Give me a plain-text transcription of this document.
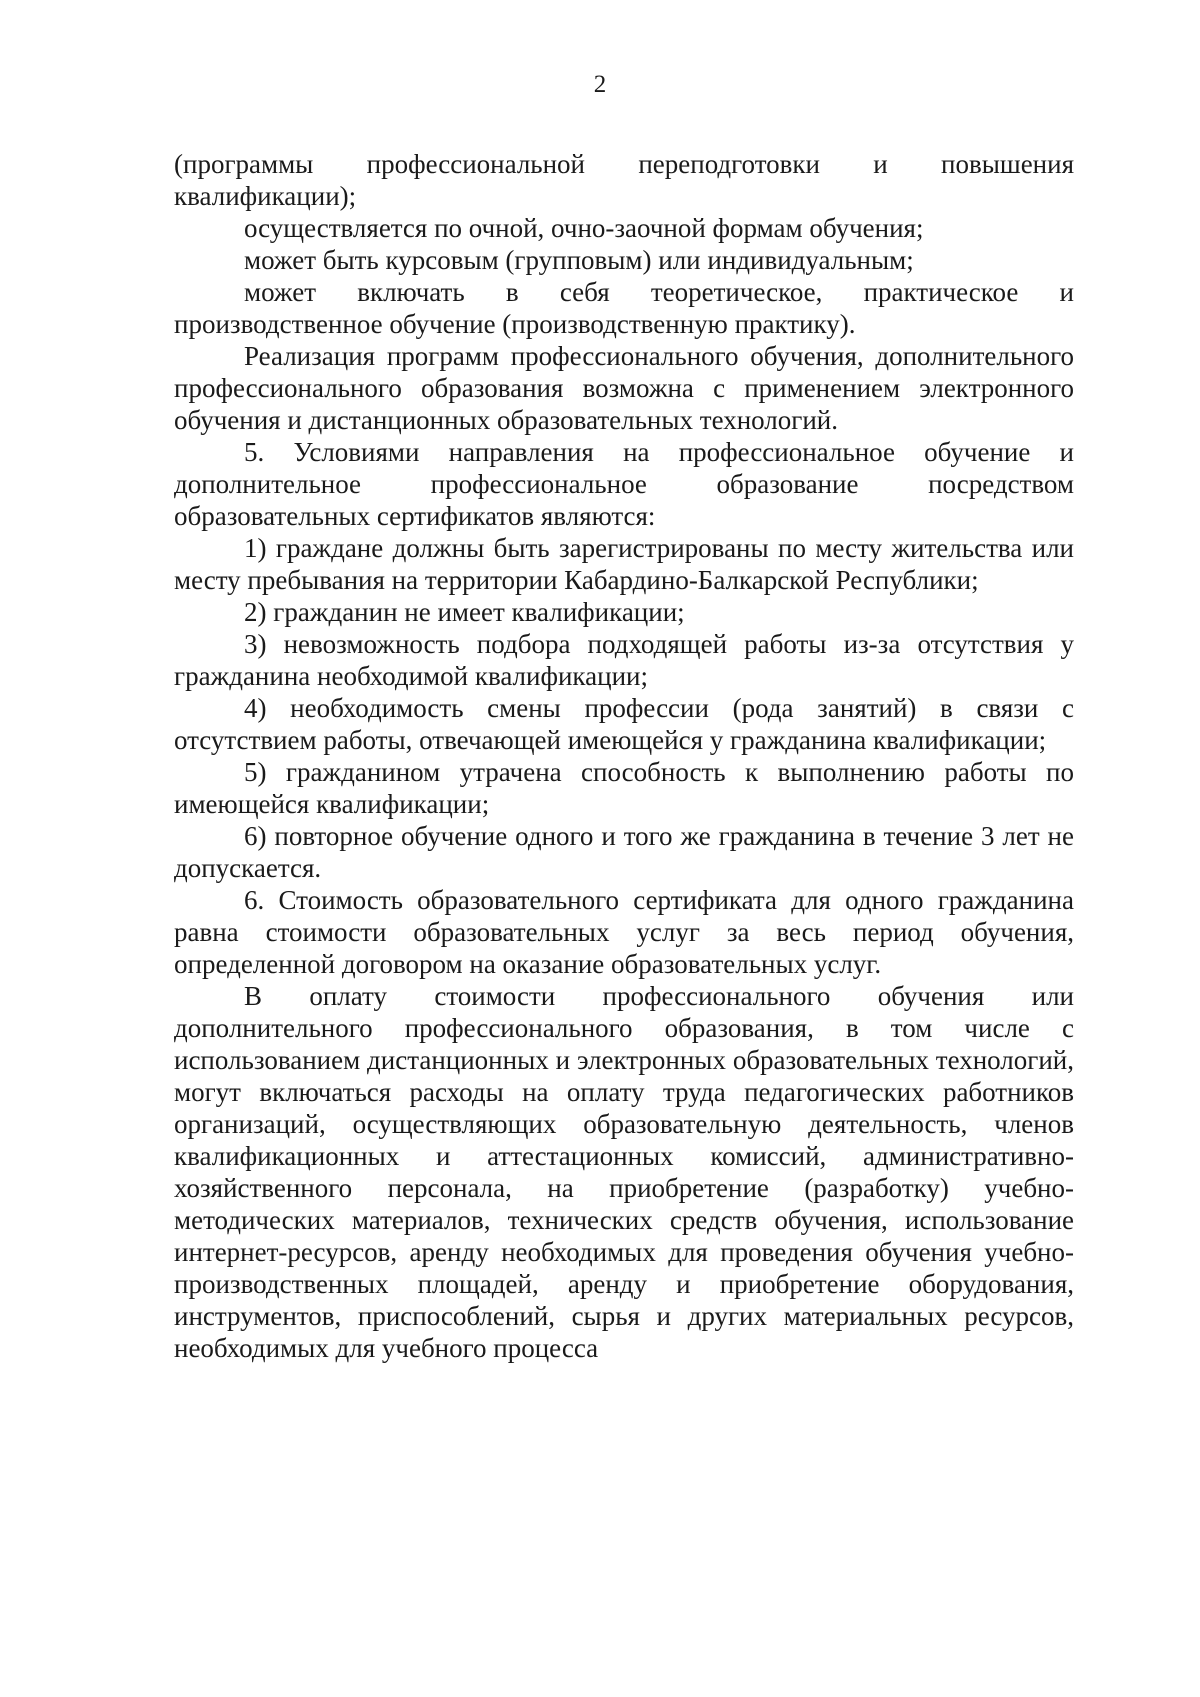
2

(программы профессиональной переподготовки и повышения квалификации);

осуществляется по очной, очно-заочной формам обучения;

может быть курсовым (групповым) или индивидуальным;

может включать в себя теоретическое, практическое и производственное обучение (производственную практику).

Реализация программ профессионального обучения, дополнительного профессионального образования возможна с применением электронного обучения и дистанционных образовательных технологий.

5. Условиями направления на профессиональное обучение и дополнительное профессиональное образование посредством образовательных сертификатов являются:

1) граждане должны быть зарегистрированы по месту жительства или месту пребывания на территории Кабардино-Балкарской Республики;

2) гражданин не имеет квалификации;

3) невозможность подбора подходящей работы из-за отсутствия у гражданина необходимой квалификации;

4) необходимость смены профессии (рода занятий) в связи с отсутствием работы, отвечающей имеющейся у гражданина квалификации;

5) гражданином утрачена способность к выполнению работы по имеющейся квалификации;

6) повторное обучение одного и того же гражданина в течение 3 лет не допускается.

6. Стоимость образовательного сертификата для одного гражданина равна стоимости образовательных услуг за весь период обучения, определенной договором на оказание образовательных услуг.

В оплату стоимости профессионального обучения или дополнительного профессионального образования, в том числе с использованием дистанционных и электронных образовательных технологий, могут включаться расходы на оплату труда педагогических работников организаций, осуществляющих образовательную деятельность, членов квалификационных и аттестационных комиссий, административно-хозяйственного персонала, на приобретение (разработку) учебно-методических материалов, технических средств обучения, использование интернет-ресурсов, аренду необходимых для проведения обучения учебно-производственных площадей, аренду и приобретение оборудования, инструментов, приспособлений, сырья и других материальных ресурсов, необходимых для учебного процесса
